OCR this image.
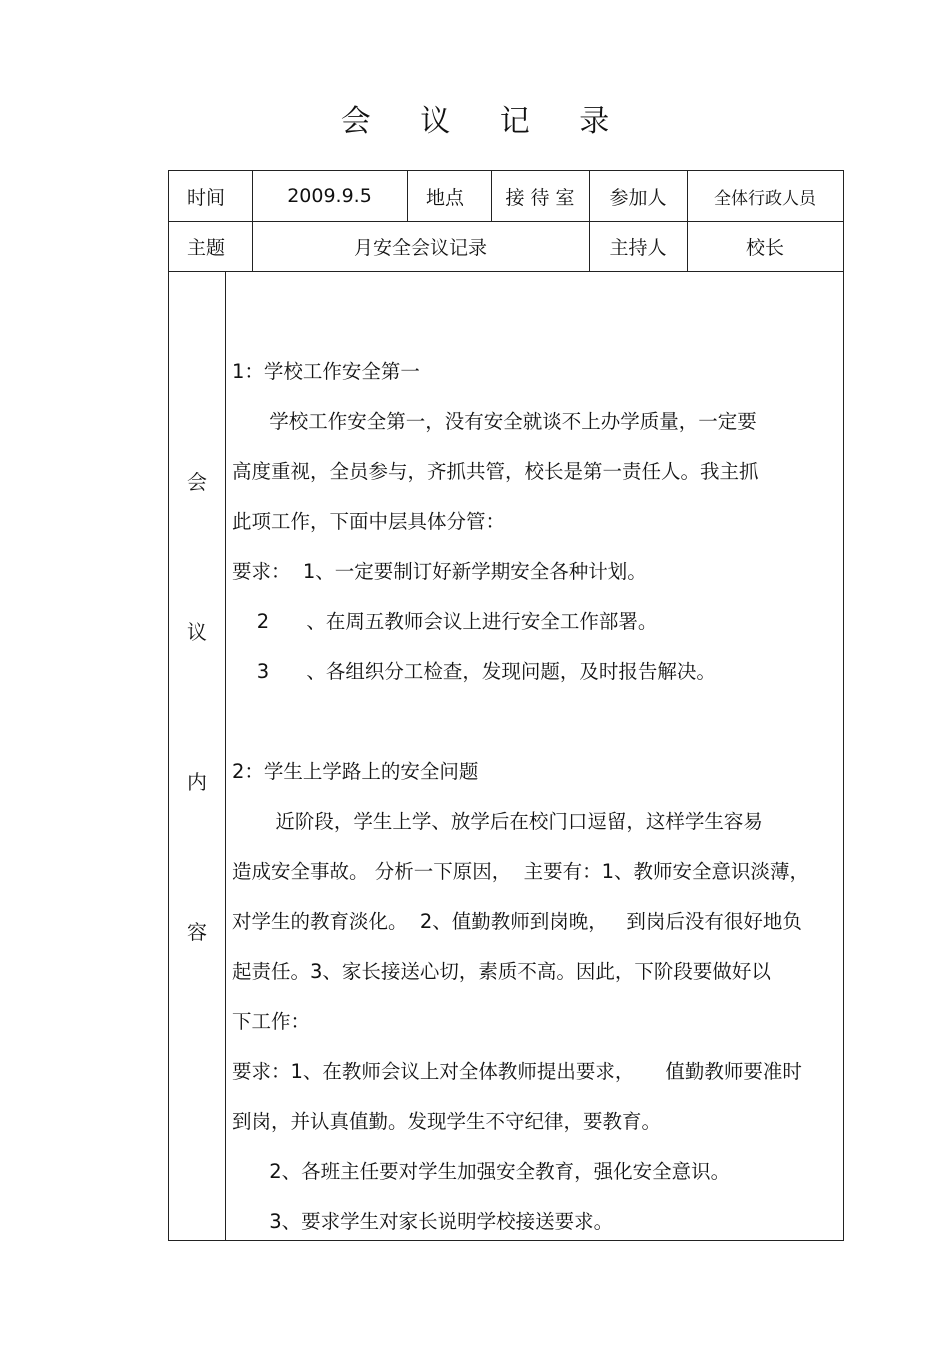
会 议 记 录
时间	2009.9.5	地点	接 待 室	参加人	全体行政人员
主题	月安全会议记录	主持人	校长
会
议
内
容

1：学校工作安全第一

学校工作安全第一，没有安全就谈不上办学质量，一定要

高度重视，全员参与，齐抓共管，校长是第一责任人。我主抓

此项工作，下面中层具体分管：

要求：  1、一定要制订好新学期安全各种计划。

2      、在周五教师会议上进行安全工作部署。

3      、各组织分工检查，发现问题，及时报告解决。

2：学生上学路上的安全问题

近阶段，学生上学、放学后在校门口逗留，这样学生容易

造成安全事故。 分析一下原因，  主要有：1、教师安全意识淡薄，

对学生的教育淡化。  2、值勤教师到岗晚，   到岗后没有很好地负

起责任。3、家长接送心切，素质不高。因此，下阶段要做好以

下工作：

要求：1、在教师会议上对全体教师提出要求，     值勤教师要准时

到岗，并认真值勤。发现学生不守纪律，要教育。

2、各班主任要对学生加强安全教育，强化安全意识。

3、要求学生对家长说明学校接送要求。
